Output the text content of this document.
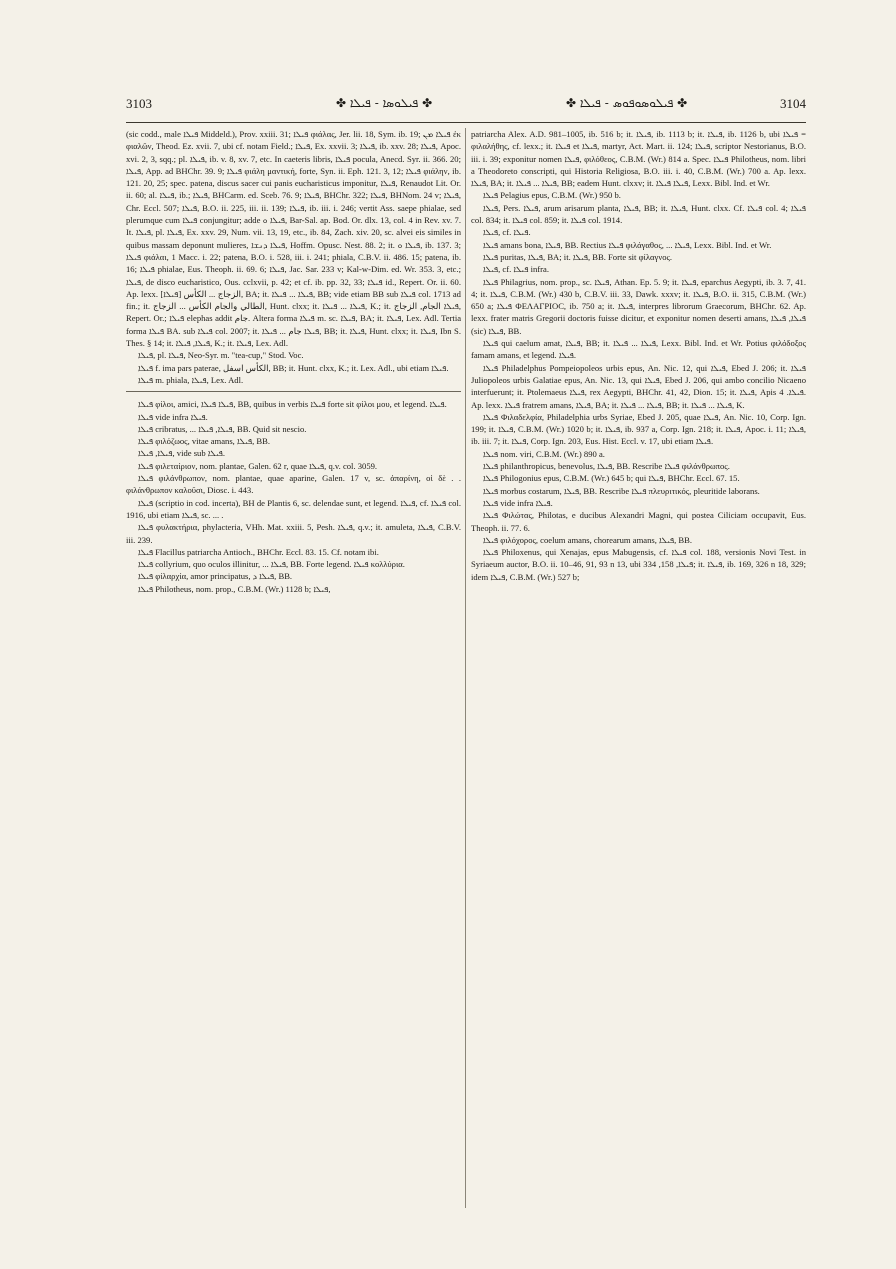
3103	✤ ܦܝܠܘܣܐ - ܦܝܠܐ ✤	✤ ܦܝܠܘܣܘܦܘܣ - ܦܝܠܐ ✤	3104

(sic codd., male ܦܝܠܐ Middeld.), Prov. xxiii. 31; ܦܝܠܐ φιάλας, Jer. lii. 18, Sym. ib. 19; ܦܝܠܐ ܡܢ ἐκ φιαλῶν, Theod. Ez. xvii. 7, ubi cf. notam Field.; ܦܝܠܐ, Ex. xxvii. 3; ܦܝܠܐ, ib. xxv. 28; ܦܝܠܐ, Apoc. xvi. 2, 3, sqq.; pl. ܦܝܠܐ, ib. v. 8, xv. 7, etc. In caeteris libris, ܦܝܠܐ pocula, Anecd. Syr. ii. 366. 20; ܦܝܠܐ, App. ad BHChr. 39. 9; ܦܝܠܐ φιάλη μαντική, forte, Syn. ii. Eph. 121. 3, 12; ܦܝܠܐ φιάλην, ib. 121. 20, 25; spec. patena, discus sacer cui panis eucharisticus imponitur, ܦܝܠܐ, Renaudot Lit. Or. ii. 60; al. ܦܝܠܐ, ib.; ܦܝܠܐ, BHCarm. ed. Sceb. 76. 9; ܦܝܠܐ, BHChr. 322; ܦܝܠܐ, BHNom. 24 v; ܦܝܠܐ, Chr. Eccl. 507; ܦܝܠܐ, B.O. ii. 225, iii. ii. 139; ܦܝܠܐ, ib. iii. i. 246; vertit Ass. saepe phialae, sed plerumque cum ܦܝܠܐ conjungitur; adde ܦܝܠܐ ܘ, Bar-Sal. ap. Bod. Or. dlx. 13, col. 4 in Rev. xv. 7. It. ܦܝܠܐ, pl. ܦܝܠܐ, Ex. xxv. 29, Num. vii. 13, 19, etc., ib. 84, Zach. xiv. 20, sc. alvei eis similes in quibus massam deponunt mulieres, ܦܝܠܐ ܕܢܫܐ, Hoffm. Opusc. Nest. 88. 2; it. ܦܝܠܐ ܘ, ib. 137. 3; ܦܝܠܐ φιάλαι, 1 Macc. i. 22; patena, B.O. i. 528, iii. i. 241; phiala, C.B.V. ii. 486. 15; patena, ib. 16; ܦܝܠܐ phialae, Eus. Theoph. ii. 69. 6; ܦܝܠܐ, Jac. Sar. 233 v; Kal-w-Dim. ed. Wr. 353. 3, etc.; ܦܝܠܐ, de disco eucharistico, Ous. cclxvii, p. 42; et cf. ib. pp. 32, 33; ܦܝܠܐ id., Repert. Or. ii. 60. Ap. lexx. [ܦܝܠܐ] الزجاج ... الكأس, BA; it. ܦܝܠܐ ... ܦܝܠܐ, BB; vide etiam BB sub ܦܝܠܐ col. 1713 ad fin.; it. الطالي والجام الكأس ... الزجاج, Hunt. clxx; it. ܦܝܠܐ ... ܦܝܠܐ, K.; it. ܦܝܠܐ الجام, الزجاج, Repert. Or.; ܦܝܠܐ elephas addit جام. Altera forma ܦܝܠܐ m. sc. ܦܝܠܐ, BA; it. ܦܝܠܐ, Lex. Adl. Tertia forma ܦܝܠܐ BA. sub ܦܝܠܐ col. 2007; it. ܦܝܠܐ جام ... ܦܝܠܐ, BB; it. ܦܝܠܐ, Hunt. clxx; it. ܦܝܠܐ, Ibn S. Thes. § 14; it. ܦܝܠܐ, ܦܝܠܐ, K.; it. ܦܝܠܐ, Lex. Adl.

ܦܝܠܐ, pl. ܦܝܠܐ, Neo-Syr. m. "tea-cup," Stod. Voc.

ܦܝܠܐ f. ima pars paterae, الكأس اسفل, BB; it. Hunt. clxx, K.; it. Lex. Adl., ubi etiam ܦܝܠܐ.

ܦܝܠܐ m. phiala, ܦܝܠܐ, Lex. Adl.

ܦܝܠܐ φίλοι, amici, ܦܝܠܐ ܦܝܠܐ, BB, quibus in verbis ܦܝܠܐ forte sit φίλοι μου, et legend. ܦܝܠܐ.

ܦܝܠܐ vide infra ܦܝܠܐ.

ܦܝܠܐ cribratus, ... ܦܝܠܐ, ܦܝܠܐ, BB. Quid sit nescio.

ܦܝܠܐ φιλόζωος, vitae amans, ܦܝܠܐ, BB.

ܦܝܠܐ, ܦܝܠܐ, vide sub ܦܝܠܐ.

ܦܝܠܐ φιλεταίριον, nom. plantae, Galen. 62 r, quae ܦܝܠܐ, q.v. col. 3059.

ܦܝܠܐ φιλάνθρωπον, nom. plantae, quae aparine, Galen. 17 v, sc. ἀπαρίνη, οἱ δὲ . . φιλάνθρωπον καλοῦσι, Diosc. i. 443.

ܦܝܠܐ (scriptio in cod. incerta), BH de Plantis 6, sc. delendae sunt, et legend. ܦܝܠܐ, cf. ܦܝܠܐ col. 1916, ubi etiam ܦܝܠܐ, sc. ... .

ܦܝܠܐ φυλακτήρια, phylacteria, VHh. Mat. xxiii. 5, Pesh. ܦܝܠܐ, q.v.; it. amuleta, ܦܝܠܐ, C.B.V. iii. 239.

ܦܝܠܐ Flacillus patriarcha Antioch., BHChr. Eccl. 83. 15. Cf. notam ibi.

ܦܝܠܐ collyrium, quo oculos illinitur, ... ܦܝܠܐ, BB. Forte legend. ܦܝܠܐ κολλύρια.

ܦܝܠܐ φίλαρχία, amor principatus, ܦܝܠܐ ܕ, BB.

ܦܝܠܐ Philotheus, nom. prop., C.B.M. (Wr.) 1128 b; ܦܝܠܐ,

patriarcha Alex. A.D. 981–1005, ib. 516 b; it. ܦܝܠܐ, ib. 1113 b; it. ܦܝܠܐ, ib. 1126 b, ubi ܦܝܠܐ = φιλαλήθης, cf. lexx.; it. ܦܝܠܐ et ܦܝܠܐ, martyr, Act. Mart. ii. 124; ܦܝܠܐ, scriptor Nestorianus, B.O. iii. i. 39; exponitur nomen ܦܝܠܐ, φιλόθεος, C.B.M. (Wr.) 814 a. Spec. ܦܝܠܐ Philotheus, nom. libri a Theodoreto conscripti, qui Historia Religiosa, B.O. iii. i. 40, C.B.M. (Wr.) 700 a. Ap. lexx. ܦܝܠܐ, BA; it. ܦܝܠܐ ... ܦܝܠܐ, BB; eadem Hunt. clxxv; it. ܦܝܠܐ ܦܝܠܐ, Lexx. Bibl. Ind. et Wr.

ܦܝܠܐ Pelagius epus, C.B.M. (Wr.) 950 b.

ܦܝܠܐ, Pers. ܦܝܠܐ, arum arisarum planta, ܦܝܠܐ, BB; it. ܦܝܠܐ, Hunt. clxx. Cf. ܦܝܠܐ col. 4; ܦܝܠܐ col. 834; it. ܦܝܠܐ col. 859; it. ܦܝܠܐ col. 1914.

ܦܝܠܐ, cf. ܦܝܠܐ.

ܦܝܠܐ amans bona, ܦܝܠܐ, BB. Rectius ܦܝܠܐ φιλάγαθος, ... ܦܝܠܐ, Lexx. Bibl. Ind. et Wr.

ܦܝܠܐ puritas, ܦܝܠܐ, BA; it. ܦܝܠܐ, BB. Forte sit φίλαγνος.

ܦܝܠܐ, cf. ܦܝܠܐ infra.

ܦܝܠܐ Philagrius, nom. prop., sc. ܦܝܠܐ, Athan. Ep. 5. 9; it. ܦܝܠܐ, eparchus Aegypti, ib. 3. 7, 41. 4; it. ܦܝܠܐ, C.B.M. (Wr.) 430 b, C.B.V. iii. 33, Dawk. xxxv; it. ܦܝܠܐ, B.O. ii. 315, C.B.M. (Wr.) 650 a; ܦܝܠܐ ΦΕΛΑΓΡΙΟϹ, ib. 750 a; it. ܦܝܠܐ, interpres librorum Graecorum, BHChr. 62. Ap. lexx. frater matris Gregorii doctoris fuisse dicitur, et exponitur nomen deserti amans, ܦܝܠܐ, ܦܝܠܐ (sic) ܦܝܠܐ, BB.

ܦܝܠܐ qui caelum amat, ܦܝܠܐ, BB; it. ܦܝܠܐ ... ܦܝܠܐ, Lexx. Bibl. Ind. et Wr. Potius φιλόδοξος famam amans, et legend. ܦܝܠܐ.

ܦܝܠܐ Philadelphus Pompeiopoleos urbis epus, An. Nic. 12, qui ܦܝܠܐ, Ebed J. 206; it. ܦܝܠܐ Juliopoleos urbis Galatiae epus, An. Nic. 13, qui ܦܝܠܐ, Ebed J. 206, qui ambo concilio Nicaeno interfuerunt; it. Ptolemaeus ܦܝܠܐ, rex Aegypti, BHChr. 41, 42, Dion. 15; it. ܦܝܠܐ, Apis ܦܝܠܐ. 4. Ap. lexx. ܦܝܠܐ fratrem amans, ܦܝܠܐ, BA; it. ܦܝܠܐ ... ܦܝܠܐ, BB; it. ܦܝܠܐ ... ܦܝܠܐ, K.

ܦܝܠܐ Φιλαδελφία, Philadelphia urbs Syriae, Ebed J. 205, quae ܦܝܠܐ, An. Nic. 10, Corp. Ign. 199; it. ܦܝܠܐ, C.B.M. (Wr.) 1020 b; it. ܦܝܠܐ, ib. 937 a, Corp. Ign. 218; it. ܦܝܠܐ, Apoc. i. 11; ܦܝܠܐ, ib. iii. 7; it. ܦܝܠܐ, Corp. Ign. 203, Eus. Hist. Eccl. v. 17, ubi etiam ܦܝܠܐ.

ܦܝܠܐ nom. viri, C.B.M. (Wr.) 890 a.

ܦܝܠܐ philanthropicus, benevolus, ܦܝܠܐ, BB. Rescribe ܦܝܠܐ φιλάνθρωπος.

ܦܝܠܐ Philogonius epus, C.B.M. (Wr.) 645 b; qui ܦܝܠܐ, BHChr. Eccl. 67. 15.

ܦܝܠܐ morbus costarum, ܦܝܠܐ, BB. Rescribe ܦܝܠܐ πλευριτικός, pleuritide laborans.

ܦܝܠܐ vide infra ܦܝܠܐ.

ܦܝܠܐ Φιλώτας, Philotas, e ducibus Alexandri Magni, qui postea Ciliciam occupavit, Eus. Theoph. ii. 77. 6.

ܦܝܠܐ φιλόχορος, coelum amans, chorearum amans, ܦܝܠܐ, BB.

ܦܝܠܐ Philoxenus, qui Xenajas, epus Mabugensis, cf. ܦܝܠܐ col. 188, versionis Novi Test. in Syriaeum auctor, B.O. ii. 10–46, 91, 93 n 13, ubi ܦܝܠܐ, 158, 334; it. ܦܝܠܐ, ib. 169, 326 n 18, 329; idem ܦܝܠܐ, C.B.M. (Wr.) 527 b;
